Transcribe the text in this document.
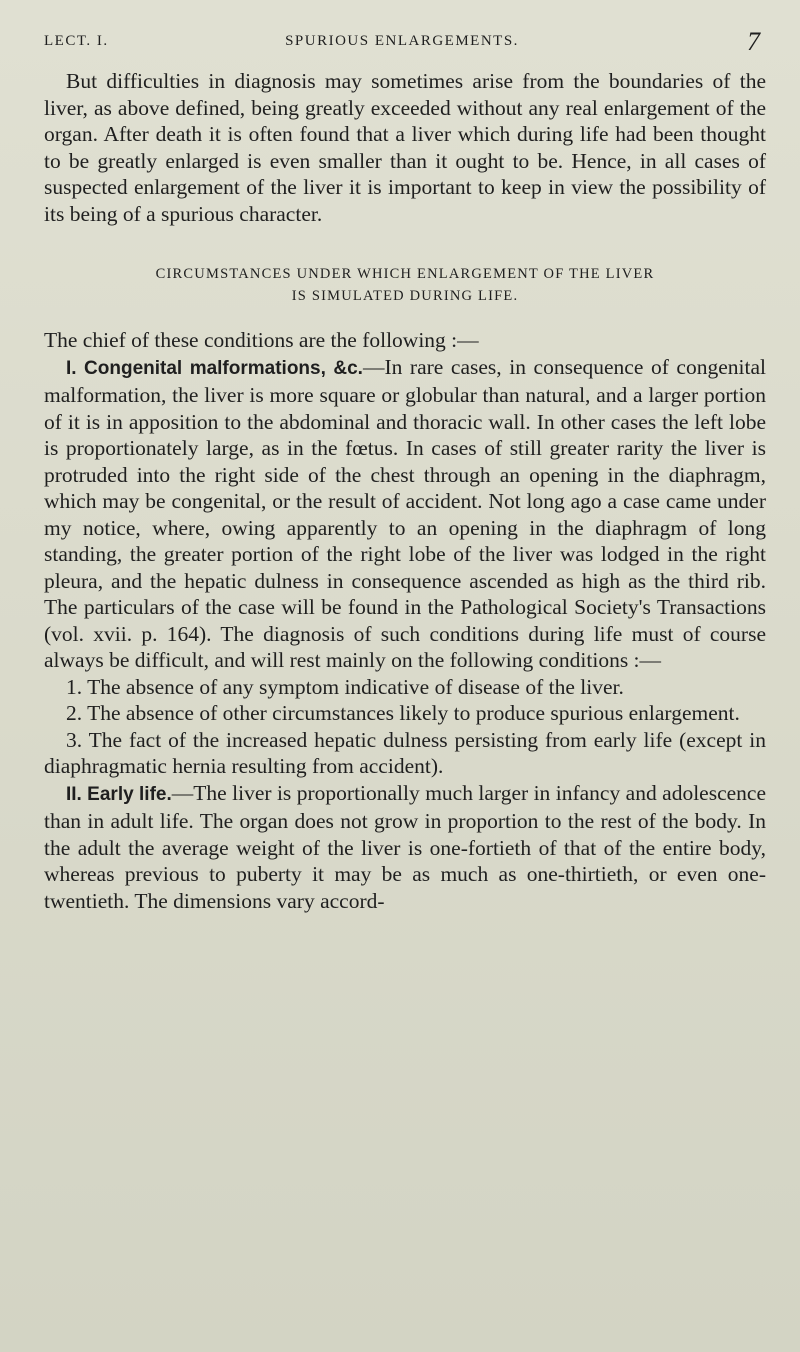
LECT. I.	SPURIOUS ENLARGEMENTS.	7

But difficulties in diagnosis may sometimes arise from the boundaries of the liver, as above defined, being greatly exceeded without any real enlargement of the organ. After death it is often found that a liver which during life had been thought to be greatly enlarged is even smaller than it ought to be. Hence, in all cases of suspected enlargement of the liver it is important to keep in view the possibility of its being of a spurious character.

CIRCUMSTANCES UNDER WHICH ENLARGEMENT OF THE LIVER
IS SIMULATED DURING LIFE.

The chief of these conditions are the following :—

I. Congenital malformations, &c.—In rare cases, in consequence of congenital malformation, the liver is more square or globular than natural, and a larger portion of it is in apposition to the abdominal and thoracic wall. In other cases the left lobe is proportionately large, as in the fœtus. In cases of still greater rarity the liver is protruded into the right side of the chest through an opening in the diaphragm, which may be congenital, or the result of accident. Not long ago a case came under my notice, where, owing apparently to an opening in the diaphragm of long standing, the greater portion of the right lobe of the liver was lodged in the right pleura, and the hepatic dulness in consequence ascended as high as the third rib. The particulars of the case will be found in the Pathological Society's Transactions (vol. xvii. p. 164). The diagnosis of such conditions during life must of course always be difficult, and will rest mainly on the following conditions :—

1. The absence of any symptom indicative of disease of the liver.

2. The absence of other circumstances likely to produce spurious enlargement.

3. The fact of the increased hepatic dulness persisting from early life (except in diaphragmatic hernia resulting from accident).

II. Early life.—The liver is proportionally much larger in infancy and adolescence than in adult life. The organ does not grow in proportion to the rest of the body. In the adult the average weight of the liver is one-fortieth of that of the entire body, whereas previous to puberty it may be as much as one-thirtieth, or even one-twentieth. The dimensions vary accord-
